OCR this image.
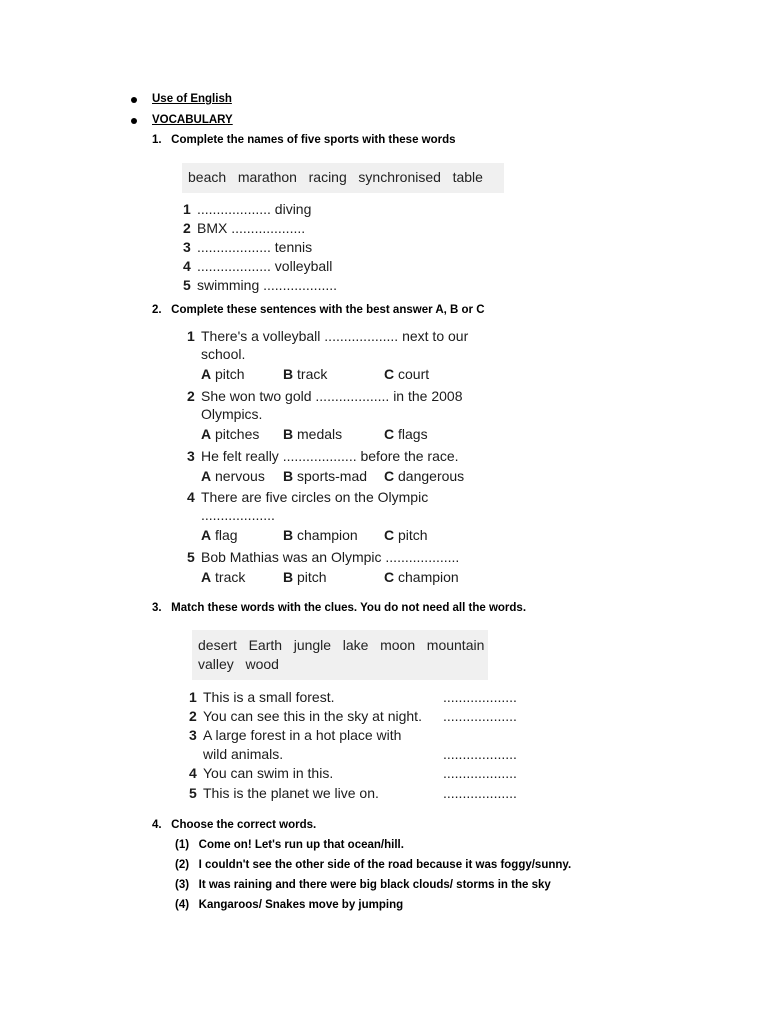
Use of English
VOCABULARY
1.   Complete the names of five sports with these words
beach   marathon   racing   synchronised   table
1 ................... diving
2 BMX ...................
3 ................... tennis
4 ................... volleyball
5 swimming ...................
2.   Complete these sentences with the best answer A, B or C
1 There's a volleyball ................... next to our
school.
A pitch	B track	C court
2 She won two gold ................... in the 2008
Olympics.
A pitches B medals	C flags
3 He felt really ................... before the race.
A nervous B sports-mad C dangerous
4 There are five circles on the Olympic
...................
A flag	B champion C pitch
5 Bob Mathias was an Olympic ...................
A track	B pitch	C champion
3.   Match these words with the clues. You do not need all the words.
desert   Earth   jungle   lake   moon   mountain
valley   wood
1 This is a small forest.	...................
2 You can see this in the sky at night. ...................
3 A large forest in a hot place with
wild animals.	...................
4 You can swim in this.	...................
5 This is the planet we live on.	...................
4.   Choose the correct words.
(1)   Come on! Let's run up that ocean/hill.
(2)   I couldn't see the other side of the road because it was foggy/sunny.
(3)   It was raining and there were big black clouds/ storms in the sky
(4)   Kangaroos/ Snakes move by jumping
